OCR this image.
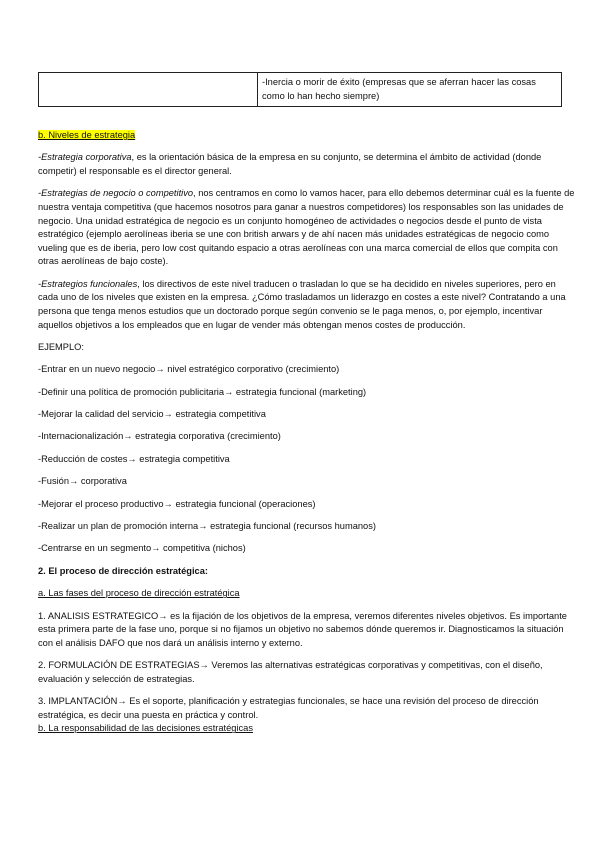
	-Inercia o morir de éxito (empresas que se aferran hacer las cosas como lo han hecho siempre)

b. Niveles de estrategia

-Estrategia corporativa, es la orientación básica de la empresa en su conjunto, se determina el ámbito de actividad (donde competir) el responsable es el director general.

-Estrategias de negocio o competitivo, nos centramos en como lo vamos hacer, para ello debemos determinar cuál es la fuente de nuestra ventaja competitiva (que hacemos nosotros para ganar a nuestros competidores) los responsables son las unidades de negocio. Una unidad estratégica de negocio es un conjunto homogéneo de actividades o negocios desde el punto de vista estratégico (ejemplo aerolíneas iberia se une con british arwars y de ahí nacen más unidades estratégicas de negocio como vueling que es de iberia, pero low cost quitando espacio a otras aerolíneas con una marca comercial de ellos que compita con otras aerolíneas de bajo coste).

-Estrategios funcionales, los directivos de este nivel traducen o trasladan lo que se ha decidido en niveles superiores, pero en cada uno de los niveles que existen en la empresa. ¿Cómo trasladamos un liderazgo en costes a este nivel? Contratando a una persona que tenga menos estudios que un doctorado porque según convenio se le paga menos, o, por ejemplo, incentivar aquellos objetivos a los empleados que en lugar de vender más obtengan menos costes de producción.

EJEMPLO:

-Entrar en un nuevo negocio→ nivel estratégico corporativo (crecimiento)

-Definir una política de promoción publicitaria→ estrategia funcional (marketing)

-Mejorar la calidad del servicio→ estrategia competitiva

-Internacionalización→ estrategia corporativa (crecimiento)

-Reducción de costes→ estrategia competitiva

-Fusión→ corporativa

-Mejorar el proceso productivo→ estrategia funcional (operaciones)

-Realizar un plan de promoción interna→ estrategia funcional (recursos humanos)

-Centrarse en un segmento→ competitiva (nichos)

2. El proceso de dirección estratégica:

a. Las fases del proceso de dirección estratégica

1. ANALISIS ESTRATEGICO→ es la fijación de los objetivos de la empresa, veremos diferentes niveles objetivos. Es importante esta primera parte de la fase uno, porque si no fijamos un objetivo no sabemos dónde queremos ir. Diagnosticamos la situación con el análisis DAFO que nos dará un análisis interno y externo.

2. FORMULACIÓN DE ESTRATEGIAS→ Veremos las alternativas estratégicas corporativas y competitivas, con el diseño, evaluación y selección de estrategias.

3. IMPLANTACIÓN→ Es el soporte, planificación y estrategias funcionales, se hace una revisión del proceso de dirección estratégica, es decir una puesta en práctica y control.

b. La responsabilidad de las decisiones estratégicas
